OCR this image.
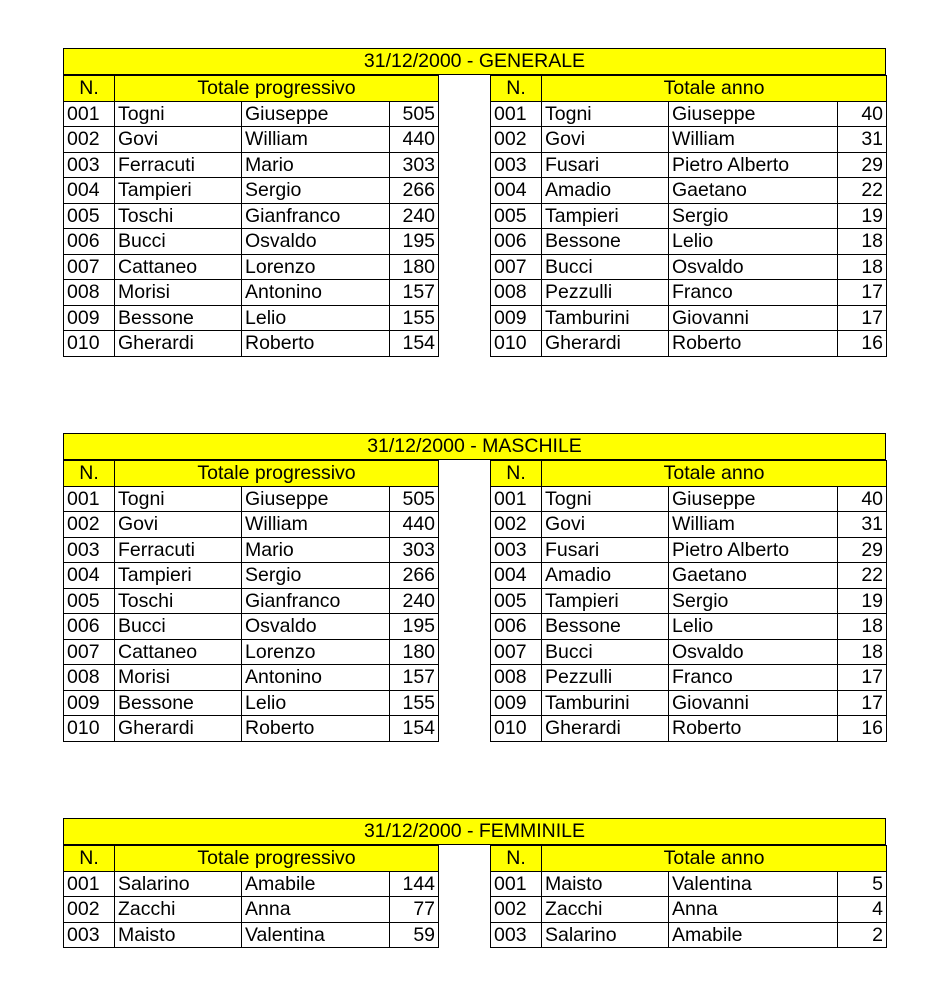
31/12/2000 - GENERALE
N.	Totale progressivo		
001	Togni	Giuseppe	505
002	Govi	William	440
003	Ferracuti	Mario	303
004	Tampieri	Sergio	266
005	Toschi	Gianfranco	240
006	Bucci	Osvaldo	195
007	Cattaneo	Lorenzo	180
008	Morisi	Antonino	157
009	Bessone	Lelio	155
010	Gherardi	Roberto	154
N.	Totale anno		
001	Togni	Giuseppe	40
002	Govi	William	31
003	Fusari	Pietro Alberto	29
004	Amadio	Gaetano	22
005	Tampieri	Sergio	19
006	Bessone	Lelio	18
007	Bucci	Osvaldo	18
008	Pezzulli	Franco	17
009	Tamburini	Giovanni	17
010	Gherardi	Roberto	16
31/12/2000 - MASCHILE
N.	Totale progressivo		
001	Togni	Giuseppe	505
002	Govi	William	440
003	Ferracuti	Mario	303
004	Tampieri	Sergio	266
005	Toschi	Gianfranco	240
006	Bucci	Osvaldo	195
007	Cattaneo	Lorenzo	180
008	Morisi	Antonino	157
009	Bessone	Lelio	155
010	Gherardi	Roberto	154
N.	Totale anno		
001	Togni	Giuseppe	40
002	Govi	William	31
003	Fusari	Pietro Alberto	29
004	Amadio	Gaetano	22
005	Tampieri	Sergio	19
006	Bessone	Lelio	18
007	Bucci	Osvaldo	18
008	Pezzulli	Franco	17
009	Tamburini	Giovanni	17
010	Gherardi	Roberto	16
31/12/2000 - FEMMINILE
N.	Totale progressivo		
001	Salarino	Amabile	144
002	Zacchi	Anna	77
003	Maisto	Valentina	59
N.	Totale anno		
001	Maisto	Valentina	5
002	Zacchi	Anna	4
003	Salarino	Amabile	2
